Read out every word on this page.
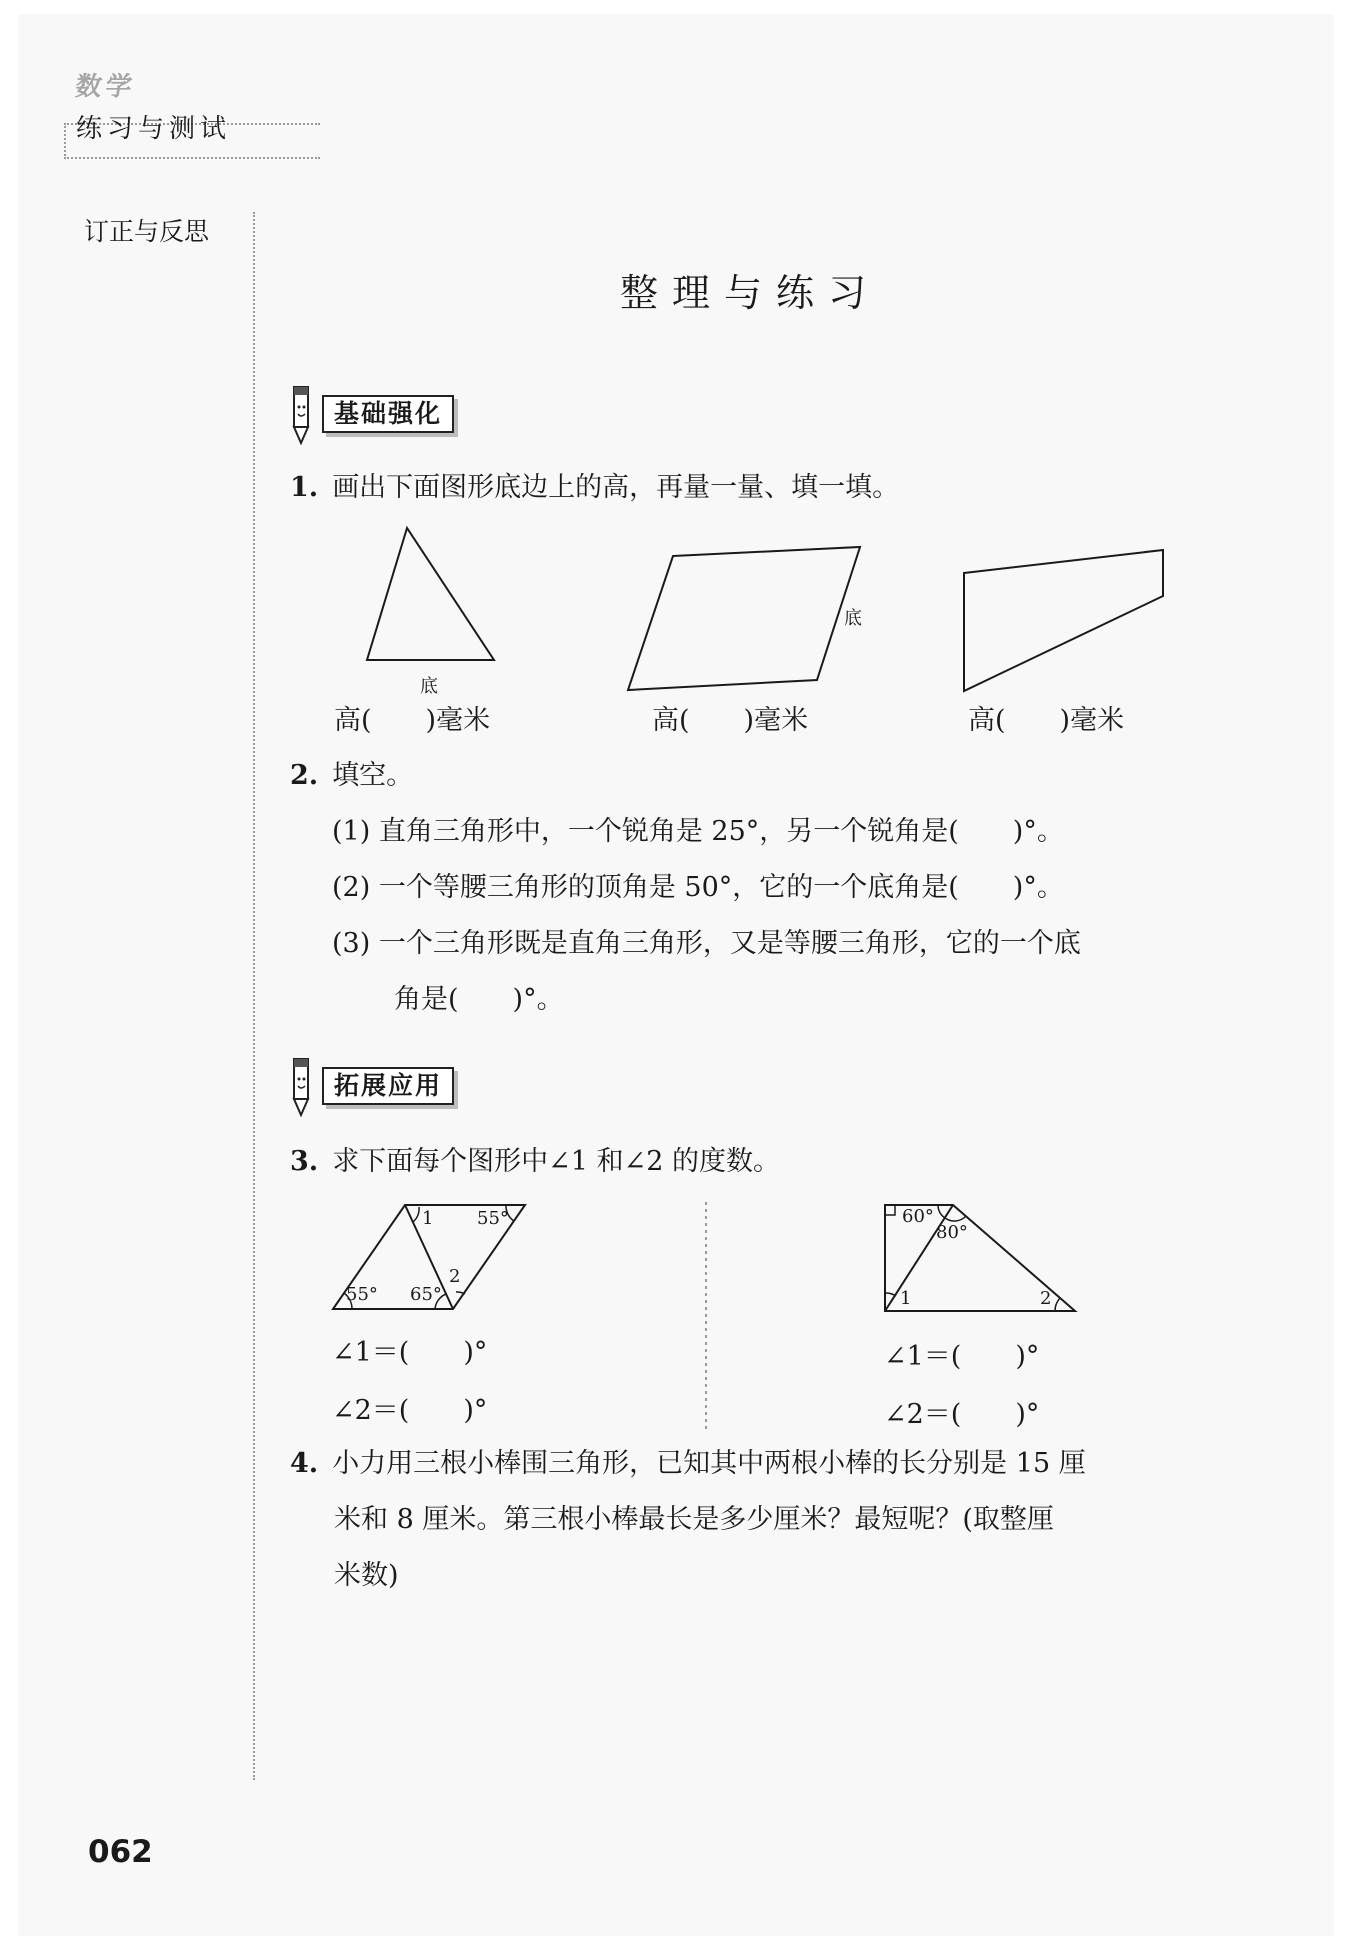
数学
练习与测试
订正与反思
整理与练习
基础强化
1. 画出下面图形底边上的高，再量一量、填一填。
底
底
高(　　)毫米	高(　　)毫米	高(　　)毫米
2. 填空。
(1) 直角三角形中，一个锐角是 25°，另一个锐角是(　　)°。
(2) 一个等腰三角形的顶角是 50°，它的一个底角是(　　)°。
(3) 一个三角形既是直角三角形，又是等腰三角形，它的一个底
角是(　　)°。
拓展应用
3. 求下面每个图形中∠1 和∠2 的度数。
55°
55° 65°
1
2
60°
80°
1	2
∠1＝(　　)°
∠2＝(　　)°
∠1＝(　　)°
∠2＝(　　)°
4. 小力用三根小棒围三角形，已知其中两根小棒的长分别是 15 厘
米和 8 厘米。第三根小棒最长是多少厘米？最短呢？(取整厘
米数)
062
